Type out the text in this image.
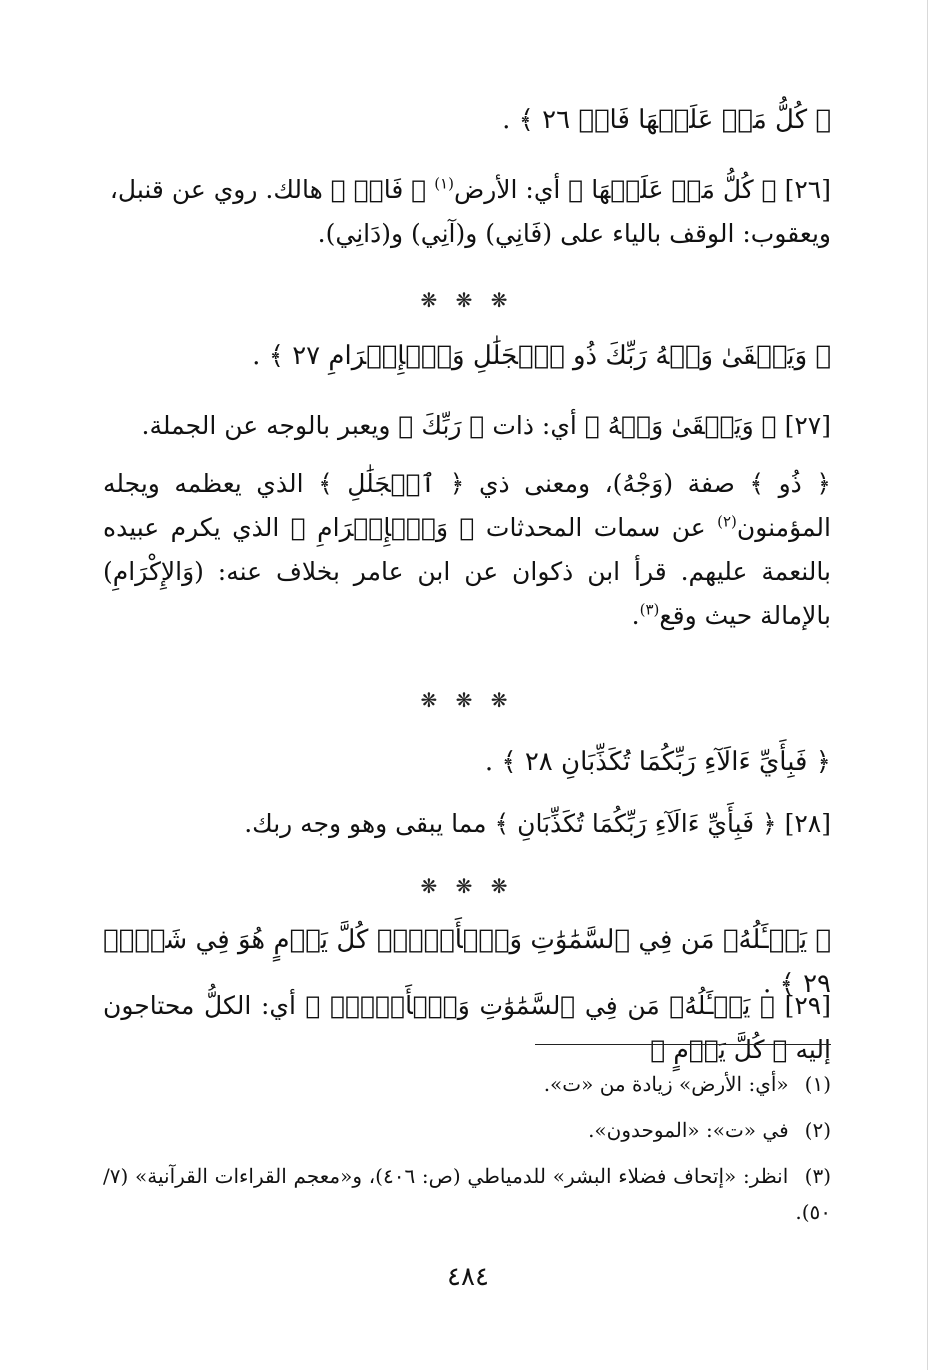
﴿ كُلُّ مَنۡ عَلَيۡهَا فَانٖ ٢٦ ﴾ .
[٢٦] ﴿ كُلُّ مَنۡ عَلَيۡهَا ﴾ أي: الأرض$^{(١)}$ ﴿ فَانٖ ﴾ هالك. روي عن قنبل،
ويعقوب: الوقف بالياء على (فَانِي) و(آنِي) و(دَانِي).
❋ ❋ ❋
﴿ وَيَبۡقَىٰ وَجۡهُ رَبِّكَ ذُو ٱلۡجَلَٰلِ وَٱلۡإِكۡرَامِ ٢٧ ﴾ .
[٢٧] ﴿ وَيَبۡقَىٰ وَجۡهُ ﴾ أي: ذات ﴿ رَبِّكَ ﴾ ويعبر بالوجه عن الجملة.
﴿ ذُو ﴾ صفة (وَجْهُ)، ومعنى ذي ﴿ ٱلۡجَلَٰلِ ﴾ الذي يعظمه ويجله المؤمنون$^{(٢)}$ عن سمات المحدثات ﴿ وَٱلۡإِكۡرَامِ ﴾ الذي يكرم عبيده بالنعمة عليهم. قرأ ابن ذكوان عن ابن عامر بخلاف عنه: (وَالإِكْرَامِ) بالإمالة حيث وقع$^{(٣)}$.
❋ ❋ ❋
﴿ فَبِأَيِّ ءَالَآءِ رَبِّكُمَا تُكَذِّبَانِ ٢٨ ﴾ .
[٢٨] ﴿ فَبِأَيِّ ءَالَآءِ رَبِّكُمَا تُكَذِّبَانِ ﴾ مما يبقى وهو وجه ربك.
❋ ❋ ❋
﴿ يَسۡـَٔلُهُۥ مَن فِي ٱلسَّمَٰوَٰتِ وَٱلۡأَرۡضِۚ كُلَّ يَوۡمٍ هُوَ فِي شَأۡنٖ ٢٩ ﴾ .
[٢٩] ﴿ يَسۡـَٔلُهُۥ مَن فِي ٱلسَّمَٰوَٰتِ وَٱلۡأَرۡضِۚ ﴾ أي: الكلُّ محتاجون إليه ﴿ كُلَّ يَوۡمٍ ﴾
(١) «أي: الأرض» زيادة من «ت».
(٢) في «ت»: «الموحدون».
(٣) انظر: «إتحاف فضلاء البشر» للدمياطي (ص: ٤٠٦)، و«معجم القراءات القرآنية» (٧/ ٥٠).
٤٨٤
